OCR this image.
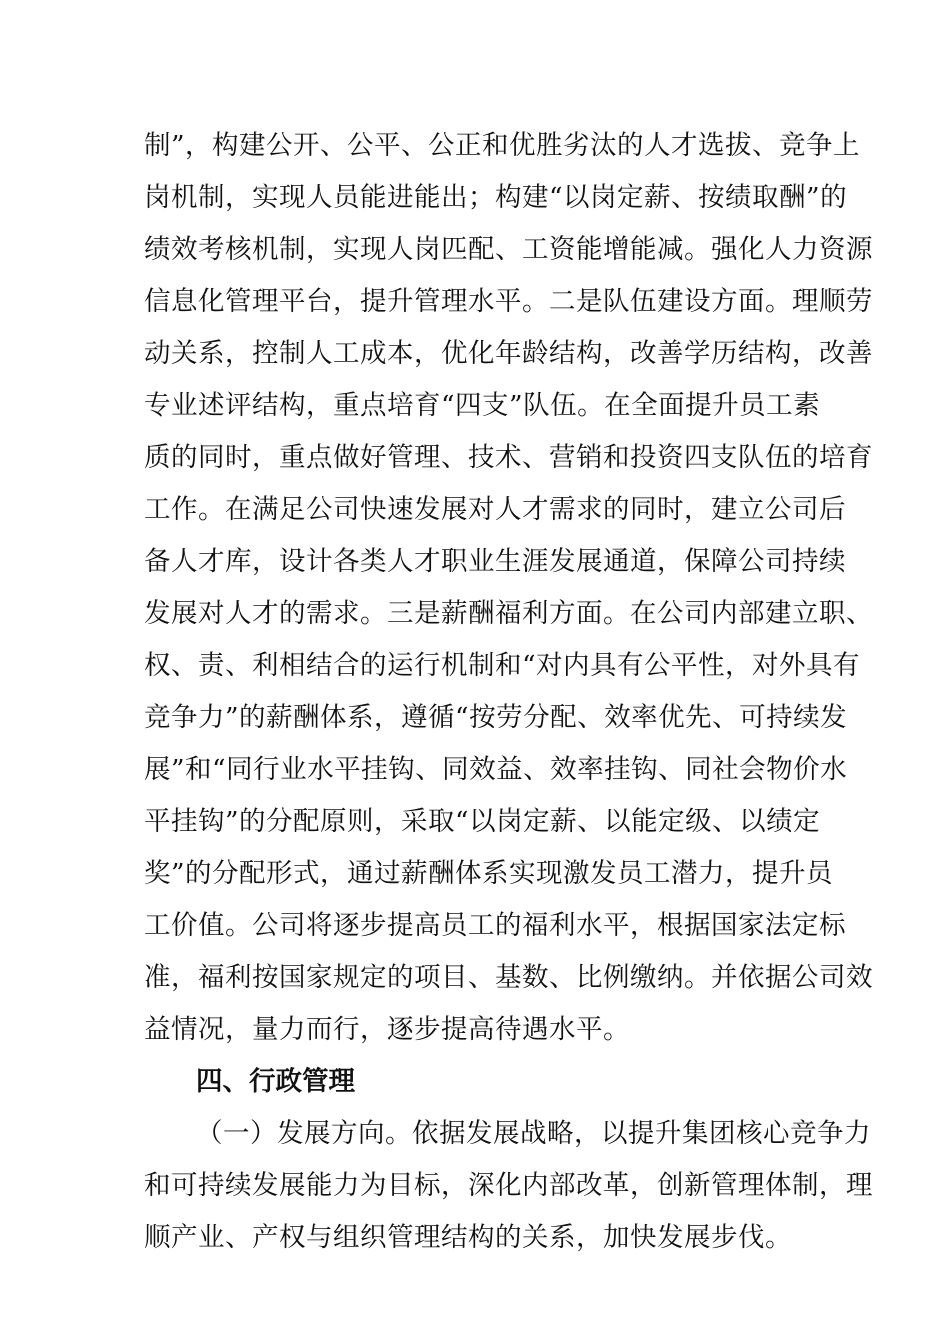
制”，构建公开、公平、公正和优胜劣汰的人才选拔、竞争上
岗机制，实现人员能进能出；构建“以岗定薪、按绩取酬”的
绩效考核机制，实现人岗匹配、工资能增能减。强化人力资源
信息化管理平台，提升管理水平。二是队伍建设方面。理顺劳
动关系，控制人工成本，优化年龄结构，改善学历结构，改善
专业述评结构，重点培育“四支”队伍。在全面提升员工素
质的同时，重点做好管理、技术、营销和投资四支队伍的培育
工作。在满足公司快速发展对人才需求的同时，建立公司后
备人才库，设计各类人才职业生涯发展通道，保障公司持续
发展对人才的需求。三是薪酬福利方面。在公司内部建立职、
权、责、利相结合的运行机制和“对内具有公平性，对外具有
竞争力”的薪酬体系，遵循“按劳分配、效率优先、可持续发
展”和“同行业水平挂钩、同效益、效率挂钩、同社会物价水
平挂钩”的分配原则，采取“以岗定薪、以能定级、以绩定
奖”的分配形式，通过薪酬体系实现激发员工潜力，提升员
工价值。公司将逐步提高员工的福利水平，根据国家法定标
准，福利按国家规定的项目、基数、比例缴纳。并依据公司效
益情况，量力而行，逐步提高待遇水平。
四、行政管理
（一）发展方向。依据发展战略，以提升集团核心竞争力
和可持续发展能力为目标，深化内部改革，创新管理体制，理
顺产业、产权与组织管理结构的关系，加快发展步伐。
